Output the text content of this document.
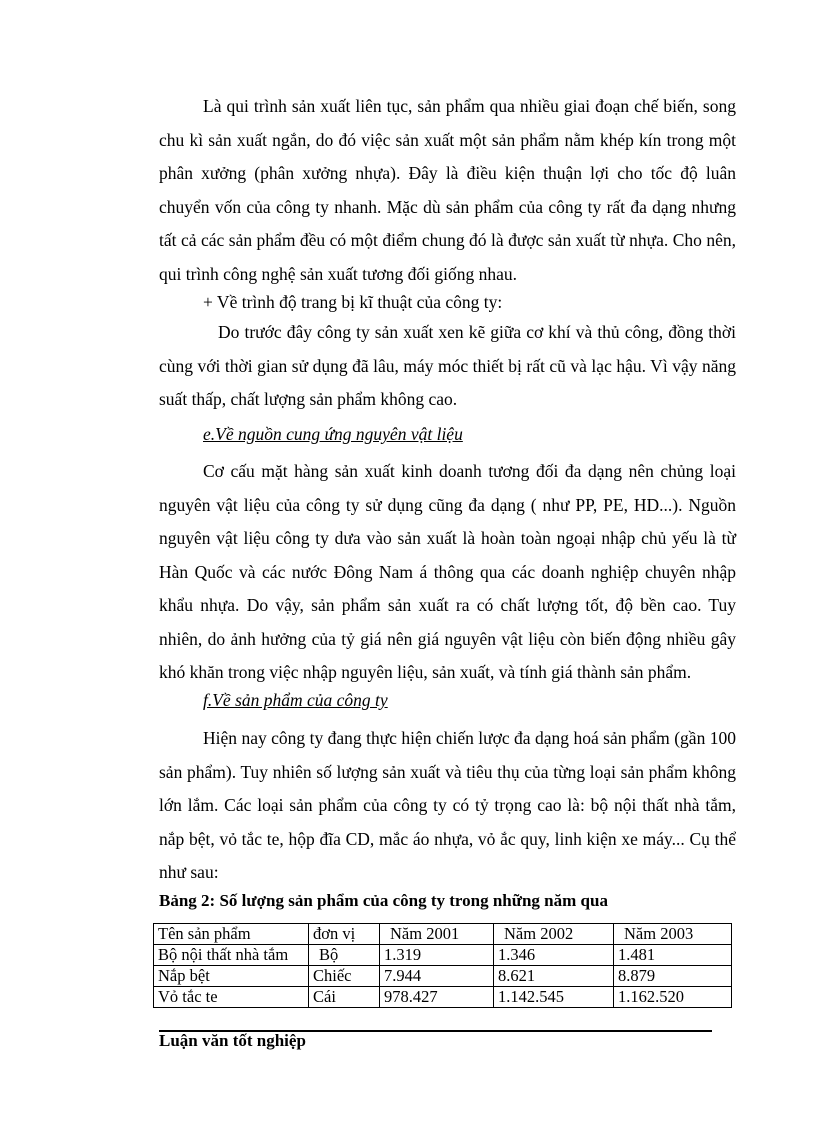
Là qui trình sản xuất liên tục, sản phẩm qua nhiều giai đoạn chế biến, song chu kì sản xuất ngắn, do đó việc sản xuất một sản phẩm nằm khép kín trong một phân xưởng (phân xưởng nhựa). Đây là điều kiện thuận lợi cho tốc độ luân chuyển vốn của công ty nhanh. Mặc dù sản phẩm của công ty rất đa dạng nhưng tất cả các sản phẩm đều có một điểm chung đó là được sản xuất từ nhựa. Cho nên, qui trình công nghệ sản xuất tương đối giống nhau.

+ Về trình độ trang bị kĩ thuật của công ty:

Do trước đây công ty sản xuất xen kẽ giữa cơ khí và thủ công, đồng thời cùng với thời gian sử dụng đã lâu, máy móc thiết bị rất cũ và lạc hậu. Vì vậy năng suất thấp, chất lượng sản phẩm không cao.

e.Về nguồn cung ứng nguyên vật liệu

Cơ cấu mặt hàng sản xuất kinh doanh tương đối đa dạng nên chủng loại nguyên vật liệu của công ty sử dụng cũng đa dạng ( như PP, PE, HD...). Nguồn nguyên vật liệu công ty dưa vào sản xuất là hoàn toàn ngoại nhập chủ yếu là từ Hàn Quốc và các nước Đông Nam á thông qua các doanh nghiệp chuyên nhập khẩu nhựa. Do vậy, sản phẩm sản xuất ra có chất lượng tốt, độ bền cao. Tuy nhiên, do ảnh hưởng của tỷ giá nên giá nguyên vật liệu còn biến động nhiều gây khó khăn trong việc nhập nguyên liệu, sản xuất, và tính giá thành sản phẩm.

f.Về sản phẩm của công ty

Hiện nay công ty đang thực hiện chiến lược đa dạng hoá sản phẩm (gần 100 sản phẩm). Tuy nhiên số lượng sản xuất và tiêu thụ của từng loại sản phẩm không lớn lắm. Các loại sản phẩm của công ty có tỷ trọng cao là: bộ nội thất nhà tắm, nắp bệt, vỏ tắc te, hộp đĩa CD, mắc áo nhựa, vỏ ắc quy, linh kiện xe máy... Cụ thể như sau:

Bảng 2: Số lượng sản phẩm của công ty trong những năm qua

Tên sản phẩm	đơn vị	Năm 2001	Năm 2002	Năm 2003
Bộ nội thất nhà tắm	Bộ	1.319	1.346	1.481
Nắp bệt	Chiếc	7.944	8.621	8.879
Vỏ tắc te	Cái	978.427	1.142.545	1.162.520

Luận văn tốt nghiệp
